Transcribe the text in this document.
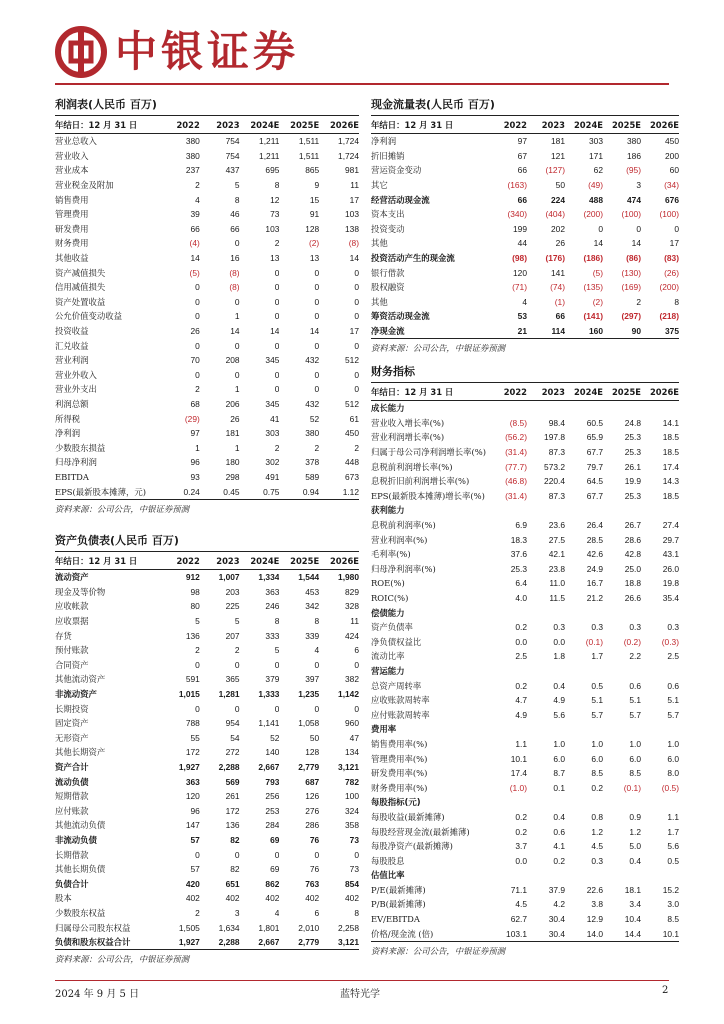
中银证券
利润表(人民币 百万)
年结日：12 月 31 日	2022	2023	2024E	2025E	2026E
营业总收入	380	754	1,211	1,511	1,724
营业收入	380	754	1,211	1,511	1,724
营业成本	237	437	695	865	981
营业税金及附加	2	5	8	9	11
销售费用	4	8	12	15	17
管理费用	39	46	73	91	103
研发费用	66	66	103	128	138
财务费用	(4)	0	2	(2)	(8)
其他收益	14	16	13	13	14
资产减值损失	(5)	(8)	0	0	0
信用减值损失	0	(8)	0	0	0
资产处置收益	0	0	0	0	0
公允价值变动收益	0	1	0	0	0
投资收益	26	14	14	14	17
汇兑收益	0	0	0	0	0
营业利润	70	208	345	432	512
营业外收入	0	0	0	0	0
营业外支出	2	1	0	0	0
利润总额	68	206	345	432	512
所得税	(29)	26	41	52	61
净利润	97	181	303	380	450
少数股东损益	1	1	2	2	2
归母净利润	96	180	302	378	448
EBITDA	93	298	491	589	673
EPS(最新股本摊薄，元)	0.24	0.45	0.75	0.94	1.12
资料来源：公司公告，中银证券预测
资产负债表(人民币 百万)
年结日：12 月 31 日	2022	2023	2024E	2025E	2026E
流动资产	912	1,007	1,334	1,544	1,980
现金及等价物	98	203	363	453	829
应收帐款	80	225	246	342	328
应收票据	5	5	8	8	11
存货	136	207	333	339	424
预付账款	2	2	5	4	6
合同资产	0	0	0	0	0
其他流动资产	591	365	379	397	382
非流动资产	1,015	1,281	1,333	1,235	1,142
长期投资	0	0	0	0	0
固定资产	788	954	1,141	1,058	960
无形资产	55	54	52	50	47
其他长期资产	172	272	140	128	134
资产合计	1,927	2,288	2,667	2,779	3,121
流动负债	363	569	793	687	782
短期借款	120	261	256	126	100
应付账款	96	172	253	276	324
其他流动负债	147	136	284	286	358
非流动负债	57	82	69	76	73
长期借款	0	0	0	0	0
其他长期负债	57	82	69	76	73
负债合计	420	651	862	763	854
股本	402	402	402	402	402
少数股东权益	2	3	4	6	8
归属母公司股东权益	1,505	1,634	1,801	2,010	2,258
负债和股东权益合计	1,927	2,288	2,667	2,779	3,121
资料来源：公司公告，中银证券预测
现金流量表(人民币 百万)
年结日：12 月 31 日	2022	2023	2024E	2025E	2026E
净利润	97	181	303	380	450
折旧摊销	67	121	171	186	200
营运资金变动	66	(127)	62	(95)	60
其它	(163)	50	(49)	3	(34)
经营活动现金流	66	224	488	474	676
资本支出	(340)	(404)	(200)	(100)	(100)
投资变动	199	202	0	0	0
其他	44	26	14	14	17
投资活动产生的现金流	(98)	(176)	(186)	(86)	(83)
银行借款	120	141	(5)	(130)	(26)
股权融资	(71)	(74)	(135)	(169)	(200)
其他	4	(1)	(2)	2	8
筹资活动现金流	53	66	(141)	(297)	(218)
净现金流	21	114	160	90	375
资料来源：公司公告，中银证券预测
财务指标
年结日：12 月 31 日	2022	2023	2024E	2025E	2026E
成长能力					
营业收入增长率(%)	(8.5)	98.4	60.5	24.8	14.1
营业利润增长率(%)	(56.2)	197.8	65.9	25.3	18.5
归属于母公司净利润增长率(%)	(31.4)	87.3	67.7	25.3	18.5
息税前利润增长率(%)	(77.7)	573.2	79.7	26.1	17.4
息税折旧前利润增长率(%)	(46.8)	220.4	64.5	19.9	14.3
EPS(最新股本摊薄)增长率(%)	(31.4)	87.3	67.7	25.3	18.5
获利能力					
息税前利润率(%)	6.9	23.6	26.4	26.7	27.4
营业利润率(%)	18.3	27.5	28.5	28.6	29.7
毛利率(%)	37.6	42.1	42.6	42.8	43.1
归母净利润率(%)	25.3	23.8	24.9	25.0	26.0
ROE(%)	6.4	11.0	16.7	18.8	19.8
ROIC(%)	4.0	11.5	21.2	26.6	35.4
偿债能力					
资产负债率	0.2	0.3	0.3	0.3	0.3
净负债权益比	0.0	0.0	(0.1)	(0.2)	(0.3)
流动比率	2.5	1.8	1.7	2.2	2.5
营运能力					
总资产周转率	0.2	0.4	0.5	0.6	0.6
应收账款周转率	4.7	4.9	5.1	5.1	5.1
应付账款周转率	4.9	5.6	5.7	5.7	5.7
费用率					
销售费用率(%)	1.1	1.0	1.0	1.0	1.0
管理费用率(%)	10.1	6.0	6.0	6.0	6.0
研发费用率(%)	17.4	8.7	8.5	8.5	8.0
财务费用率(%)	(1.0)	0.1	0.2	(0.1)	(0.5)
每股指标(元)					
每股收益(最新摊薄)	0.2	0.4	0.8	0.9	1.1
每股经营现金流(最新摊薄)	0.2	0.6	1.2	1.2	1.7
每股净资产(最新摊薄)	3.7	4.1	4.5	5.0	5.6
每股股息	0.0	0.2	0.3	0.4	0.5
估值比率					
P/E(最新摊薄)	71.1	37.9	22.6	18.1	15.2
P/B(最新摊薄)	4.5	4.2	3.8	3.4	3.0
EV/EBITDA	62.7	30.4	12.9	10.4	8.5
价格/现金流 (倍)	103.1	30.4	14.0	14.4	10.1
资料来源：公司公告，中银证券预测
2024 年 9 月 5 日	蓝特光学	2
